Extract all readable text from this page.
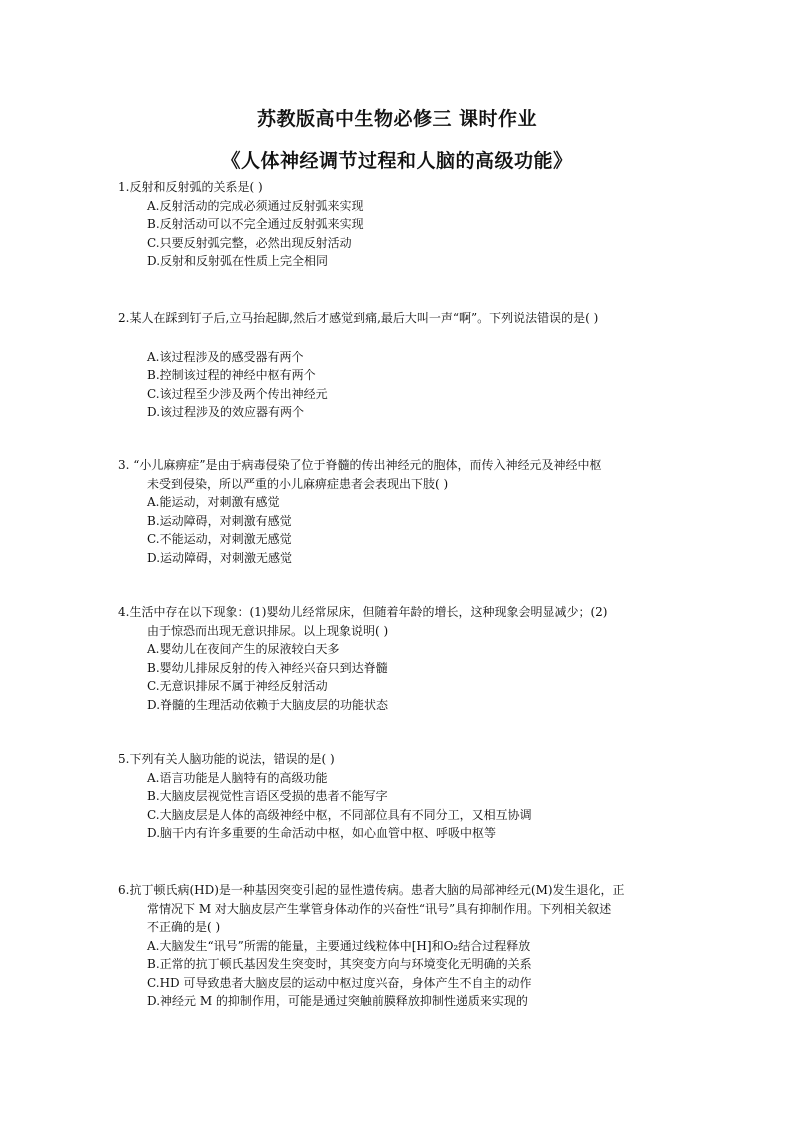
苏教版高中生物必修三 课时作业
《人体神经调节过程和人脑的高级功能》

1.反射和反射弧的关系是( )

A.反射活动的完成必须通过反射弧来实现
B.反射活动可以不完全通过反射弧来实现
C.只要反射弧完整，必然出现反射活动
D.反射和反射弧在性质上完全相同

2.某人在踩到钉子后,立马抬起脚,然后才感觉到痛,最后大叫一声“啊”。下列说法错误的是( )

A.该过程涉及的感受器有两个
B.控制该过程的神经中枢有两个
C.该过程至少涉及两个传出神经元
D.该过程涉及的效应器有两个

3. “小儿麻痹症”是由于病毒侵染了位于脊髓的传出神经元的胞体，而传入神经元及神经中枢

未受到侵染，所以严重的小儿麻痹症患者会表现出下肢( )

A.能运动，对刺激有感觉
B.运动障碍，对刺激有感觉
C.不能运动，对刺激无感觉
D.运动障碍，对刺激无感觉

4.生活中存在以下现象：(1)婴幼儿经常尿床，但随着年龄的增长，这种现象会明显减少；(2)

由于惊恐而出现无意识排尿。以上现象说明( )

A.婴幼儿在夜间产生的尿液较白天多
B.婴幼儿排尿反射的传入神经兴奋只到达脊髓
C.无意识排尿不属于神经反射活动
D.脊髓的生理活动依赖于大脑皮层的功能状态

5.下列有关人脑功能的说法，错误的是( )

A.语言功能是人脑特有的高级功能
B.大脑皮层视觉性言语区受损的患者不能写字
C.大脑皮层是人体的高级神经中枢，不同部位具有不同分工，又相互协调
D.脑干内有许多重要的生命活动中枢，如心血管中枢、呼吸中枢等

6.抗丁顿氏病(HD)是一种基因突变引起的显性遗传病。患者大脑的局部神经元(M)发生退化，正

常情况下 M 对大脑皮层产生掌管身体动作的兴奋性“讯号”具有抑制作用。下列相关叙述

不正确的是( )

A.大脑发生“讯号”所需的能量，主要通过线粒体中[H]和O₂结合过程释放
B.正常的抗丁顿氏基因发生突变时，其突变方向与环境变化无明确的关系
C.HD 可导致患者大脑皮层的运动中枢过度兴奋，身体产生不自主的动作
D.神经元 M 的抑制作用，可能是通过突触前膜释放抑制性递质来实现的
